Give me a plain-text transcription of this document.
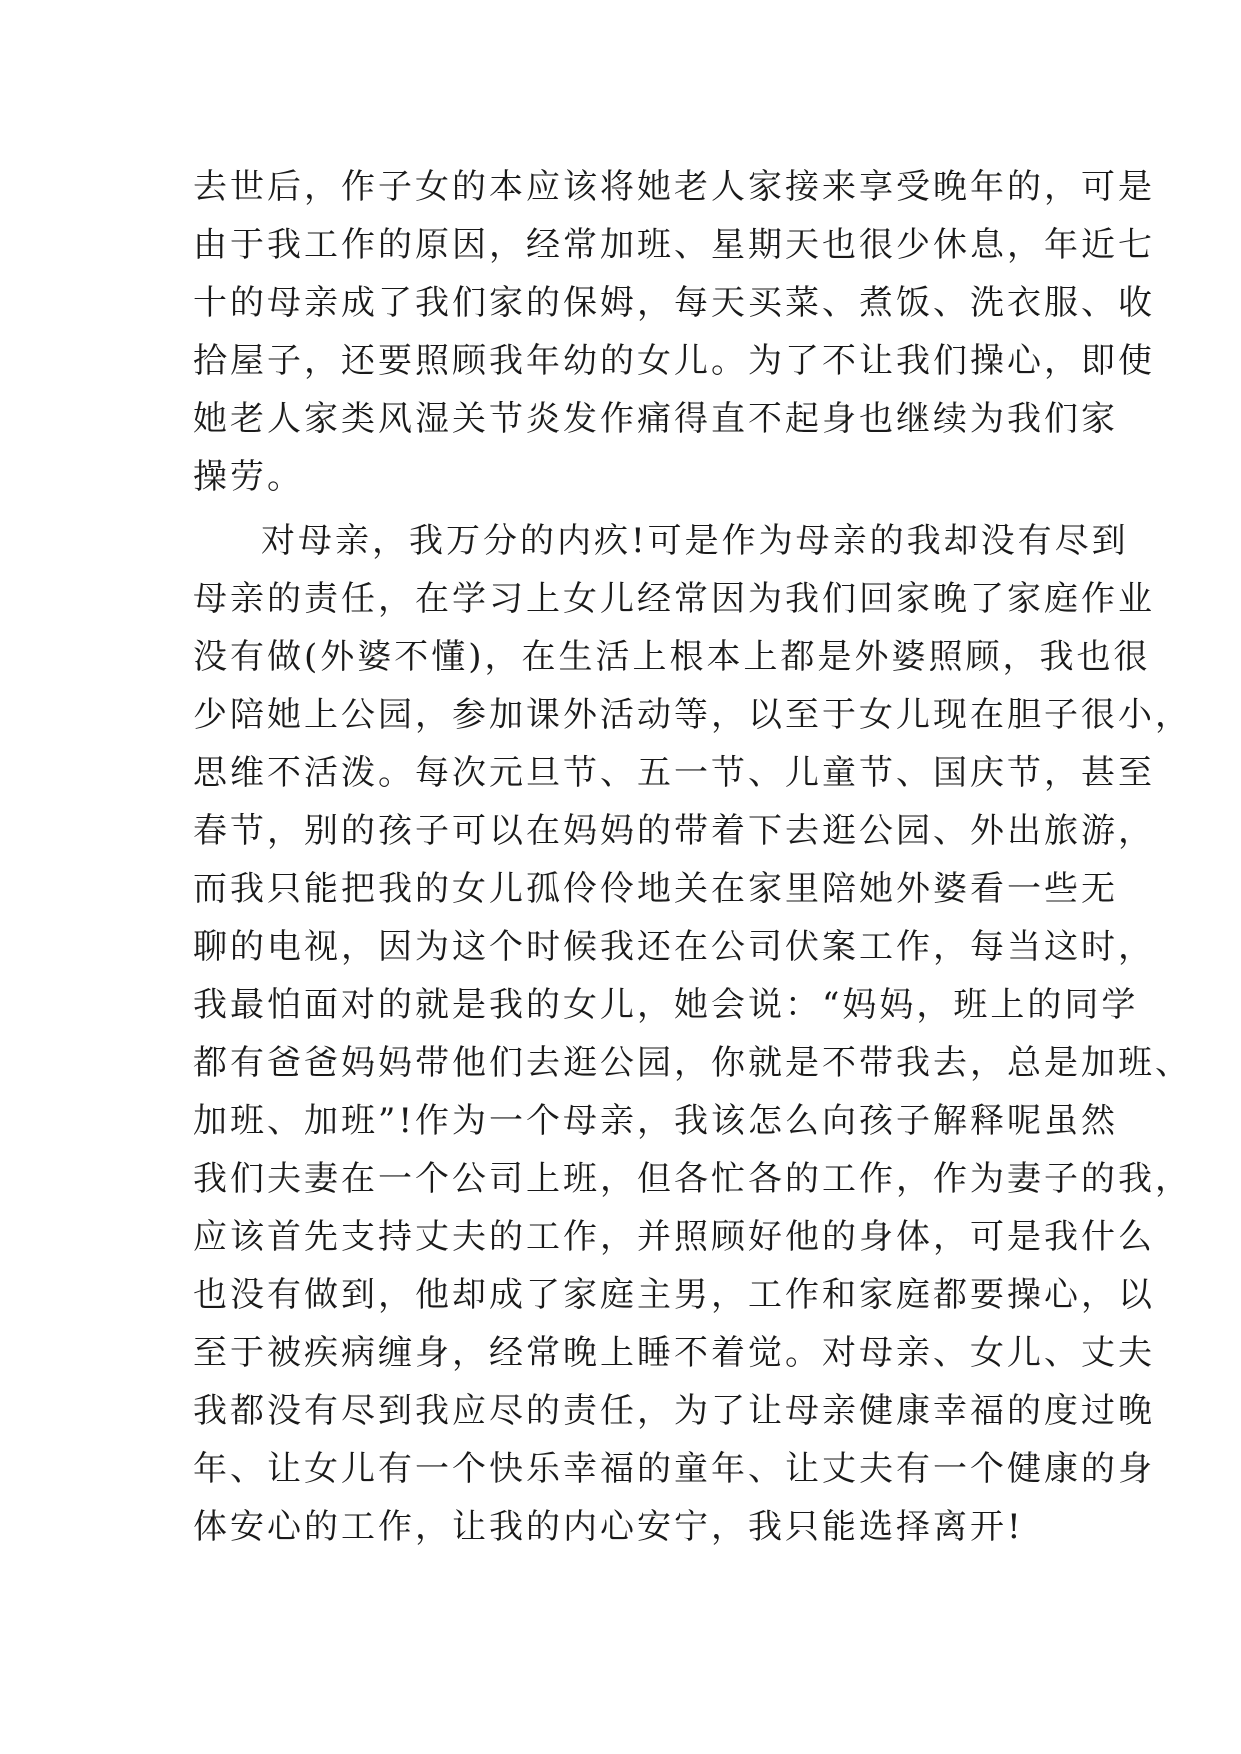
去世后，作子女的本应该将她老人家接来享受晚年的，可是
由于我工作的原因，经常加班、星期天也很少休息，年近七
十的母亲成了我们家的保姆，每天买菜、煮饭、洗衣服、收
拾屋子，还要照顾我年幼的女儿。为了不让我们操心，即使
她老人家类风湿关节炎发作痛得直不起身也继续为我们家
操劳。
对母亲，我万分的内疚!可是作为母亲的我却没有尽到
母亲的责任，在学习上女儿经常因为我们回家晚了家庭作业
没有做(外婆不懂)，在生活上根本上都是外婆照顾，我也很
少陪她上公园，参加课外活动等，以至于女儿现在胆子很小，
思维不活泼。每次元旦节、五一节、儿童节、国庆节，甚至
春节，别的孩子可以在妈妈的带着下去逛公园、外出旅游，
而我只能把我的女儿孤伶伶地关在家里陪她外婆看一些无
聊的电视，因为这个时候我还在公司伏案工作，每当这时，
我最怕面对的就是我的女儿，她会说：“妈妈，班上的同学
都有爸爸妈妈带他们去逛公园，你就是不带我去，总是加班、
加班、加班”!作为一个母亲，我该怎么向孩子解释呢虽然
我们夫妻在一个公司上班，但各忙各的工作，作为妻子的我，
应该首先支持丈夫的工作，并照顾好他的身体，可是我什么
也没有做到，他却成了家庭主男，工作和家庭都要操心，以
至于被疾病缠身，经常晚上睡不着觉。对母亲、女儿、丈夫
我都没有尽到我应尽的责任，为了让母亲健康幸福的度过晚
年、让女儿有一个快乐幸福的童年、让丈夫有一个健康的身
体安心的工作，让我的内心安宁，我只能选择离开!
